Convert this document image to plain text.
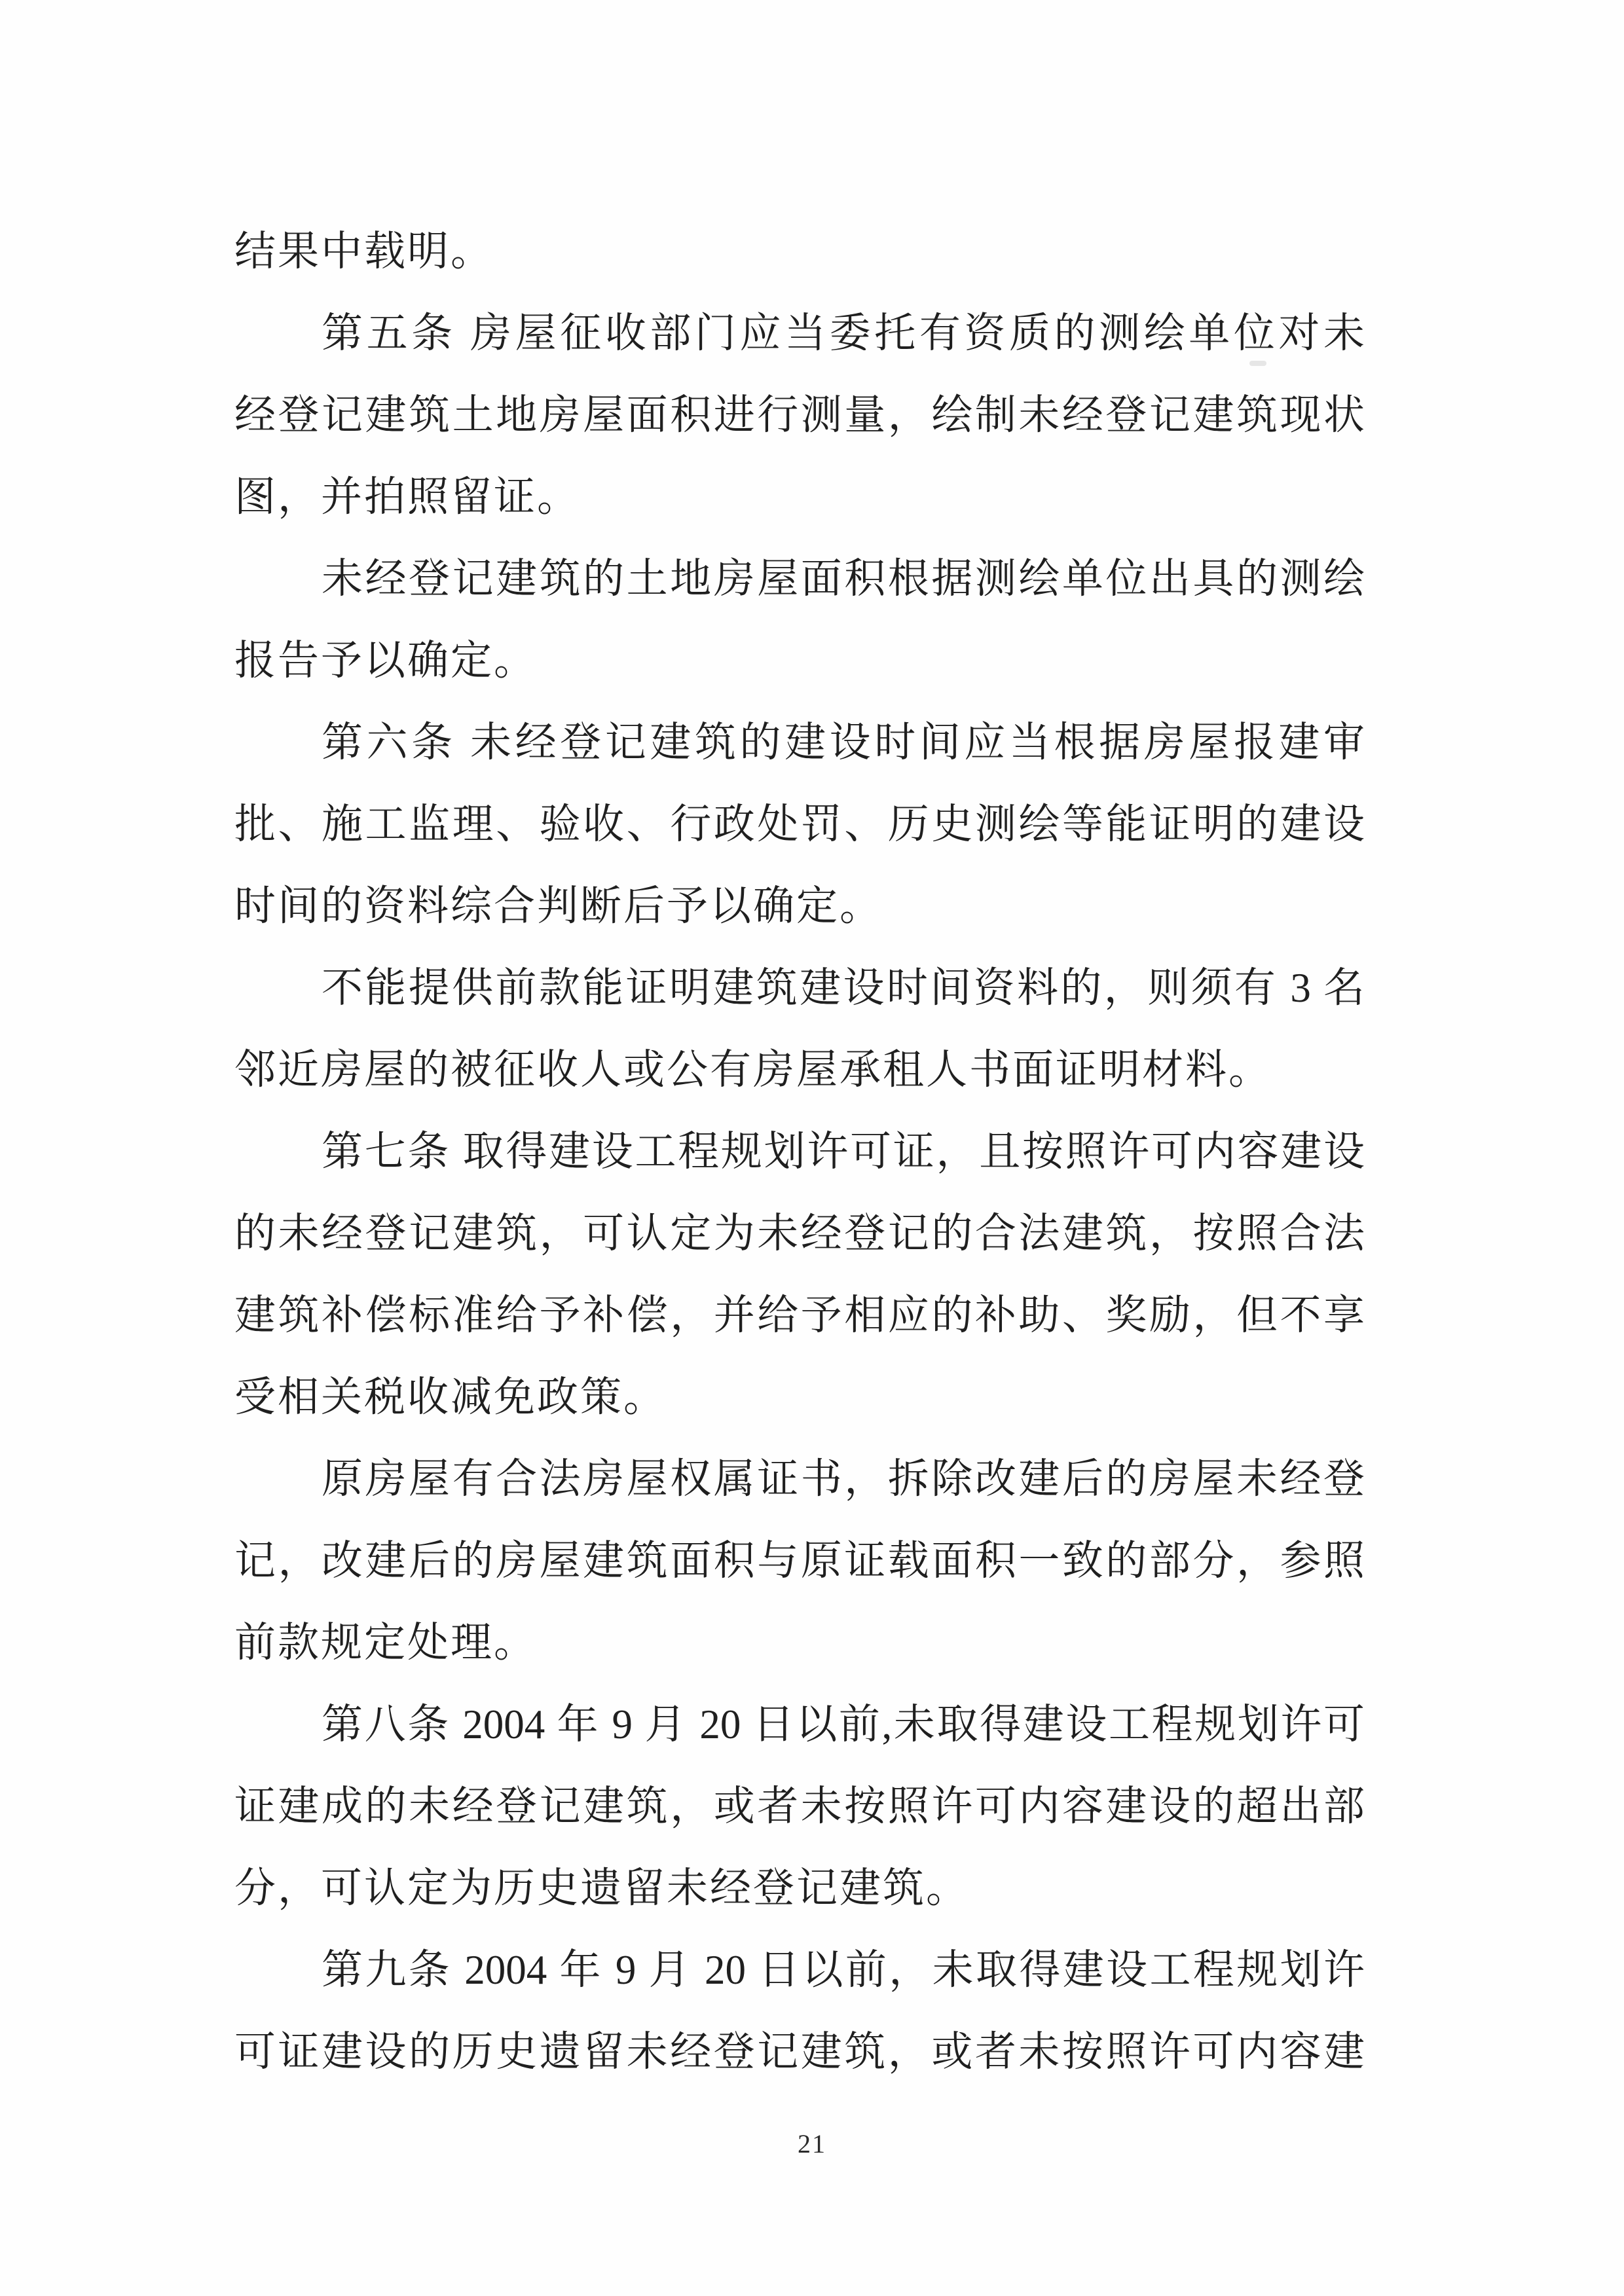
结果中载明。
第五条 房屋征收部门应当委托有资质的测绘单位对未
经登记建筑土地房屋面积进行测量，绘制未经登记建筑现状
图，并拍照留证。
未经登记建筑的土地房屋面积根据测绘单位出具的测绘
报告予以确定。
第六条 未经登记建筑的建设时间应当根据房屋报建审
批、施工监理、验收、行政处罚、历史测绘等能证明的建设
时间的资料综合判断后予以确定。
不能提供前款能证明建筑建设时间资料的，则须有 3 名
邻近房屋的被征收人或公有房屋承租人书面证明材料。
第七条 取得建设工程规划许可证，且按照许可内容建设
的未经登记建筑，可认定为未经登记的合法建筑，按照合法
建筑补偿标准给予补偿，并给予相应的补助、奖励，但不享
受相关税收减免政策。
原房屋有合法房屋权属证书，拆除改建后的房屋未经登
记，改建后的房屋建筑面积与原证载面积一致的部分，参照
前款规定处理。
第八条 2004 年 9 月 20 日以前,未取得建设工程规划许可
证建成的未经登记建筑，或者未按照许可内容建设的超出部
分，可认定为历史遗留未经登记建筑。
第九条 2004 年 9 月 20 日以前，未取得建设工程规划许
可证建设的历史遗留未经登记建筑，或者未按照许可内容建
21
